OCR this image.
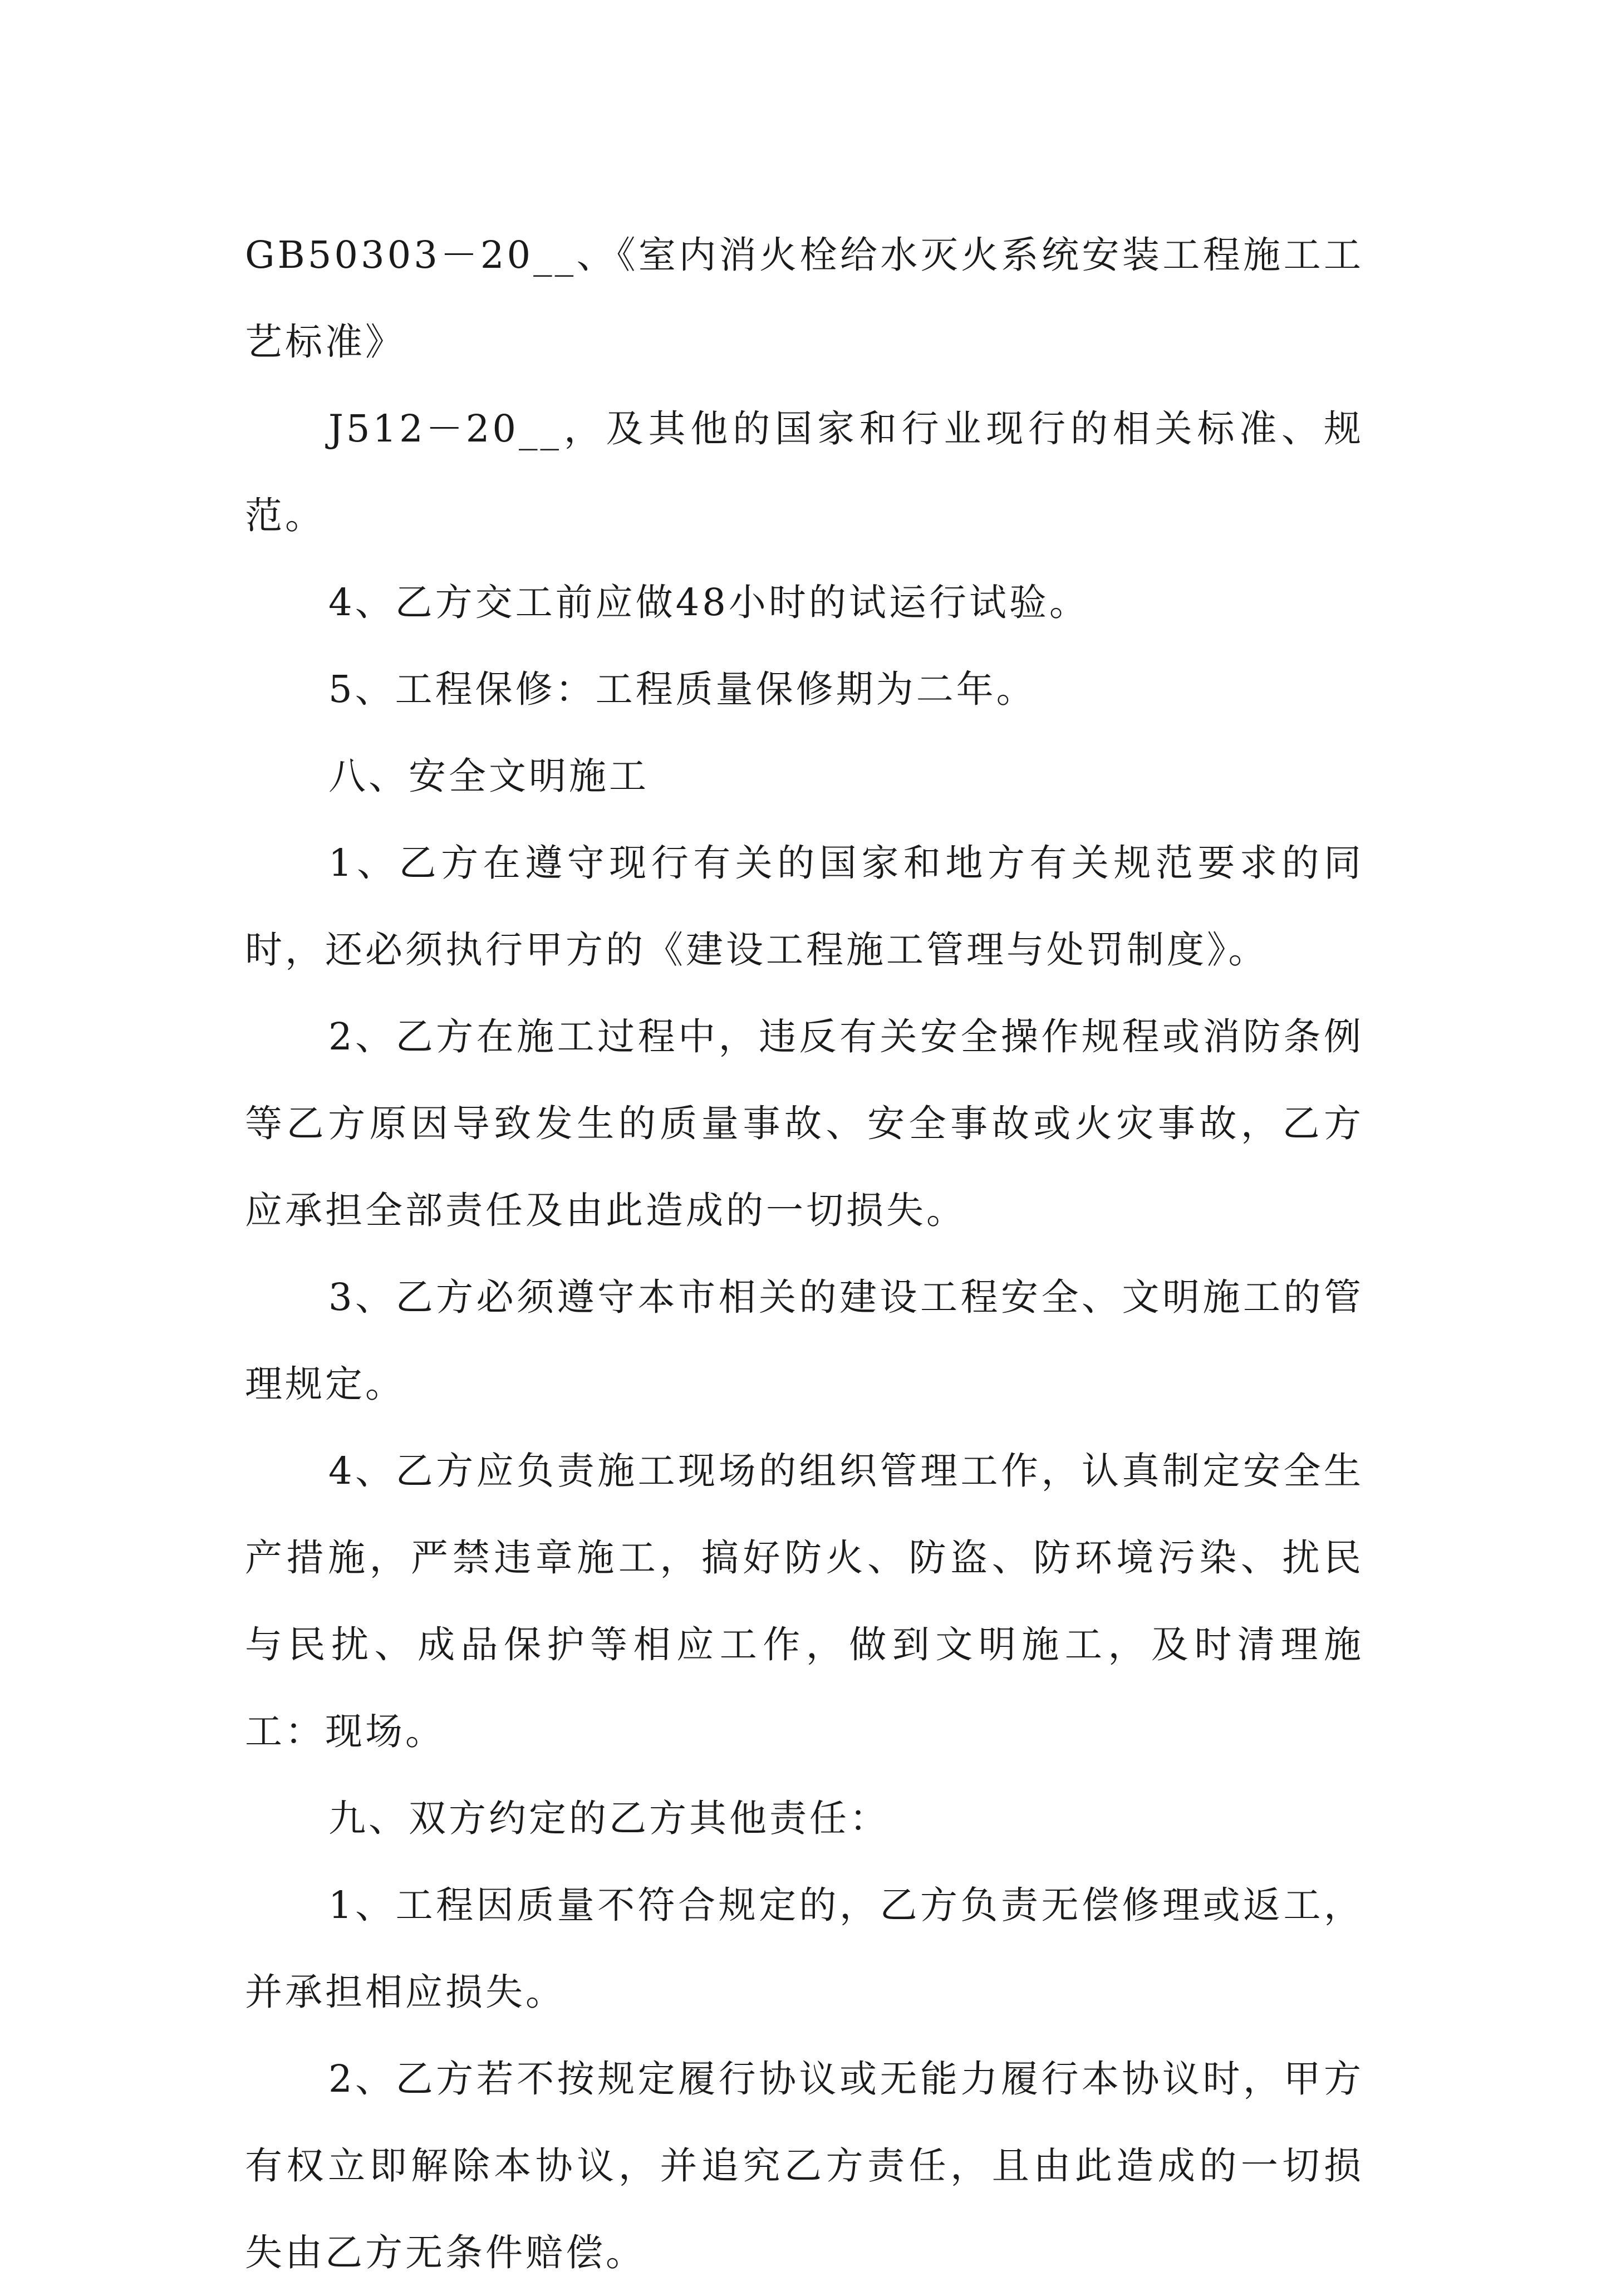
GB50303－20__、《室内消火栓给水灭火系统安装工程施工工艺标准》

J512－20__，及其他的国家和行业现行的相关标准、规范。

4、乙方交工前应做48小时的试运行试验。

5、工程保修：工程质量保修期为二年。

八、安全文明施工

1、乙方在遵守现行有关的国家和地方有关规范要求的同时，还必须执行甲方的《建设工程施工管理与处罚制度》。

2、乙方在施工过程中，违反有关安全操作规程或消防条例等乙方原因导致发生的质量事故、安全事故或火灾事故，乙方应承担全部责任及由此造成的一切损失。

3、乙方必须遵守本市相关的建设工程安全、文明施工的管理规定。

4、乙方应负责施工现场的组织管理工作，认真制定安全生产措施，严禁违章施工，搞好防火、防盗、防环境污染、扰民与民扰、成品保护等相应工作，做到文明施工，及时清理施工：现场。

九、双方约定的乙方其他责任：

1、工程因质量不符合规定的，乙方负责无偿修理或返工，并承担相应损失。

2、乙方若不按规定履行协议或无能力履行本协议时，甲方有权立即解除本协议，并追究乙方责任，且由此造成的一切损失由乙方无条件赔偿。
